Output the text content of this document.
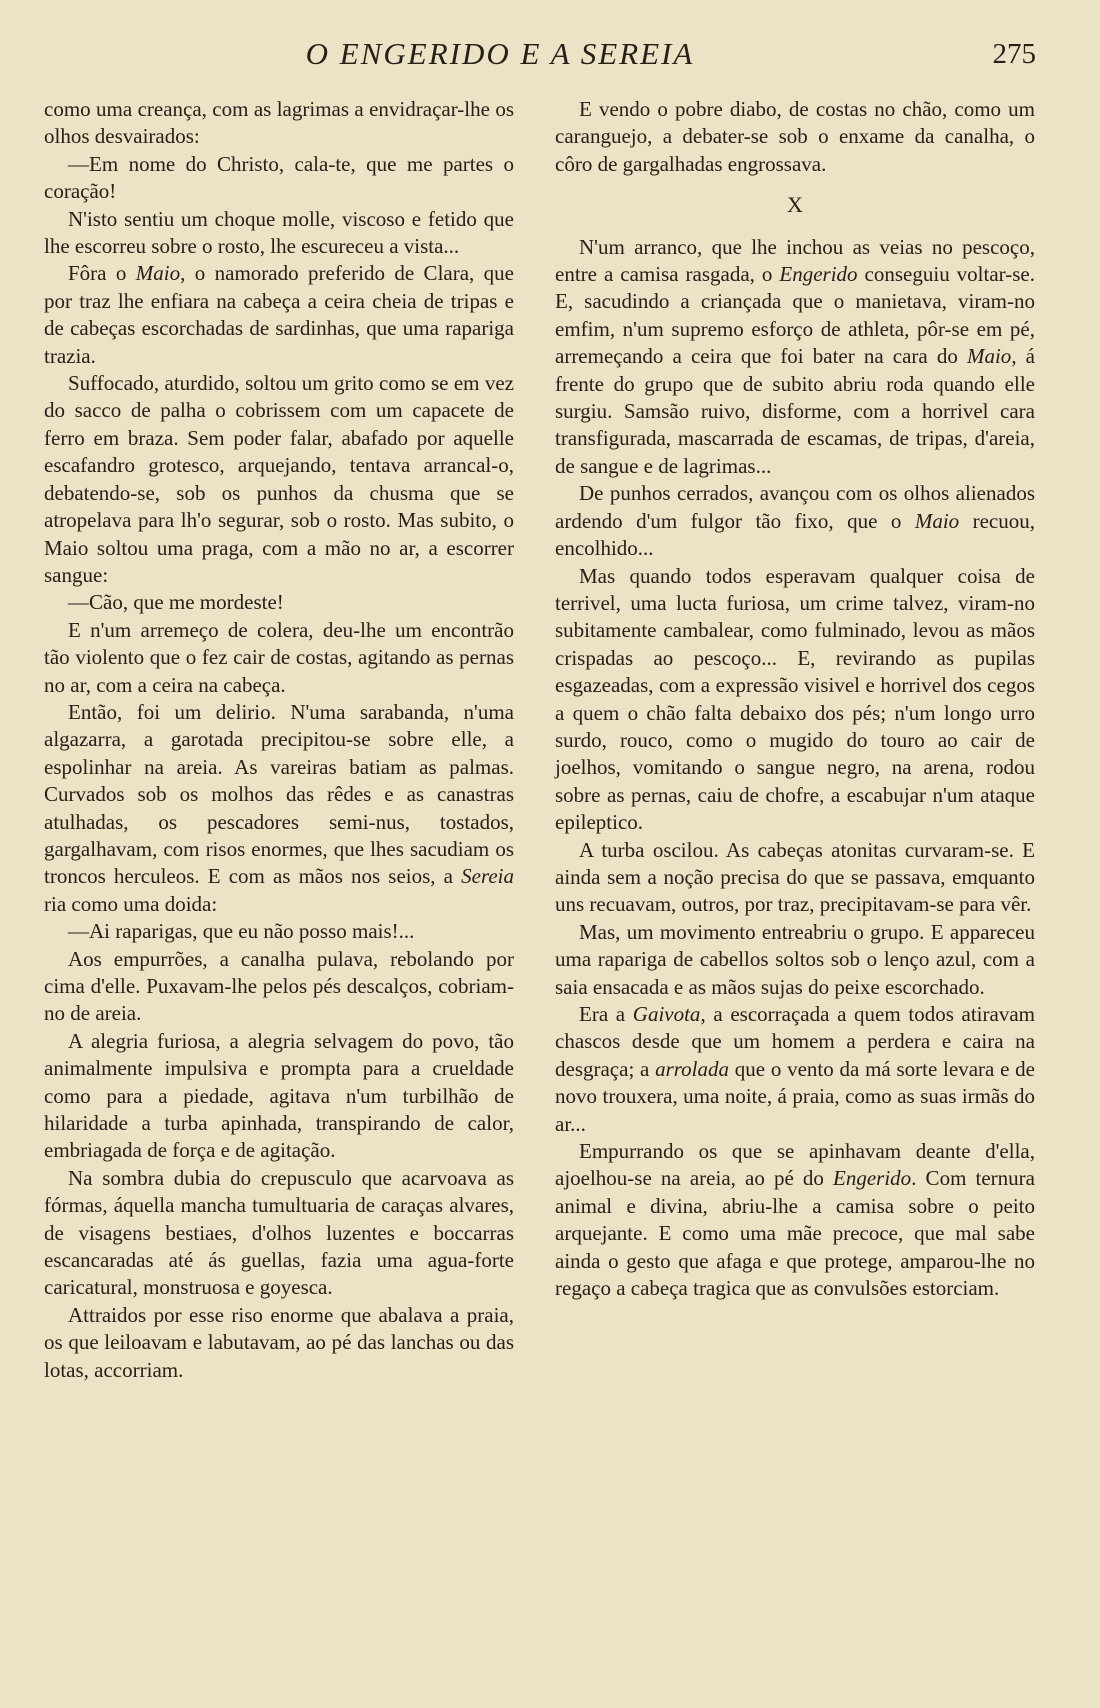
O ENGERIDO E A SEREIA	275

como uma creança, com as lagrimas a envidraçar-lhe os olhos desvairados:

—Em nome do Christo, cala-te, que me partes o coração!

N'isto sentiu um choque molle, viscoso e fetido que lhe escorreu sobre o rosto, lhe escureceu a vista...

Fôra o Maio, o namorado preferido de Clara, que por traz lhe enfiara na cabeça a ceira cheia de tripas e de cabeças escorchadas de sardinhas, que uma rapariga trazia.

Suffocado, aturdido, soltou um grito como se em vez do sacco de palha o cobrissem com um capacete de ferro em braza. Sem poder falar, abafado por aquelle escafandro grotesco, arquejando, tentava arrancal-o, debatendo-se, sob os punhos da chusma que se atropelava para lh'o segurar, sob o rosto. Mas subito, o Maio soltou uma praga, com a mão no ar, a escorrer sangue:

—Cão, que me mordeste!

E n'um arremeço de colera, deu-lhe um encontrão tão violento que o fez cair de costas, agitando as pernas no ar, com a ceira na cabeça.

Então, foi um delirio. N'uma sarabanda, n'uma algazarra, a garotada precipitou-se sobre elle, a espolinhar na areia. As vareiras batiam as palmas. Curvados sob os molhos das rêdes e as canastras atulhadas, os pescadores semi-nus, tostados, gargalhavam, com risos enormes, que lhes sacudiam os troncos herculeos. E com as mãos nos seios, a Sereia ria como uma doida:

—Ai raparigas, que eu não posso mais!...

Aos empurrões, a canalha pulava, rebolando por cima d'elle. Puxavam-lhe pelos pés descalços, cobriam-no de areia.

A alegria furiosa, a alegria selvagem do povo, tão animalmente impulsiva e prompta para a crueldade como para a piedade, agitava n'um turbilhão de hilaridade a turba apinhada, transpirando de calor, embriagada de força e de agitação.

Na sombra dubia do crepusculo que acarvoava as fórmas, áquella mancha tumultuaria de caraças alvares, de visagens bestiaes, d'olhos luzentes e boccarras escancaradas até ás guellas, fazia uma agua-forte caricatural, monstruosa e goyesca.

Attraidos por esse riso enorme que abalava a praia, os que leiloavam e labutavam, ao pé das lanchas ou das lotas, accorriam.

E vendo o pobre diabo, de costas no chão, como um caranguejo, a debater-se sob o enxame da canalha, o côro de gargalhadas engrossava.

X

N'um arranco, que lhe inchou as veias no pescoço, entre a camisa rasgada, o Engerido conseguiu voltar-se. E, sacudindo a criançada que o manietava, viram-no emfim, n'um supremo esforço de athleta, pôr-se em pé, arremeçando a ceira que foi bater na cara do Maio, á frente do grupo que de subito abriu roda quando elle surgiu. Samsão ruivo, disforme, com a horrivel cara transfigurada, mascarrada de escamas, de tripas, d'areia, de sangue e de lagrimas...

De punhos cerrados, avançou com os olhos alienados ardendo d'um fulgor tão fixo, que o Maio recuou, encolhido...

Mas quando todos esperavam qualquer coisa de terrivel, uma lucta furiosa, um crime talvez, viram-no subitamente cambalear, como fulminado, levou as mãos crispadas ao pescoço... E, revirando as pupilas esgazeadas, com a expressão visivel e horrivel dos cegos a quem o chão falta debaixo dos pés; n'um longo urro surdo, rouco, como o mugido do touro ao cair de joelhos, vomitando o sangue negro, na arena, rodou sobre as pernas, caiu de chofre, a escabujar n'um ataque epileptico.

A turba oscilou. As cabeças atonitas curvaram-se. E ainda sem a noção precisa do que se passava, emquanto uns recuavam, outros, por traz, precipitavam-se para vêr.

Mas, um movimento entreabriu o grupo. E appareceu uma rapariga de cabellos soltos sob o lenço azul, com a saia ensacada e as mãos sujas do peixe escorchado.

Era a Gaivota, a escorraçada a quem todos atiravam chascos desde que um homem a perdera e caira na desgraça; a arrolada que o vento da má sorte levara e de novo trouxera, uma noite, á praia, como as suas irmãs do ar...

Empurrando os que se apinhavam deante d'ella, ajoelhou-se na areia, ao pé do Engerido. Com ternura animal e divina, abriu-lhe a camisa sobre o peito arquejante. E como uma mãe precoce, que mal sabe ainda o gesto que afaga e que protege, amparou-lhe no regaço a cabeça tragica que as convulsões estorciam.
